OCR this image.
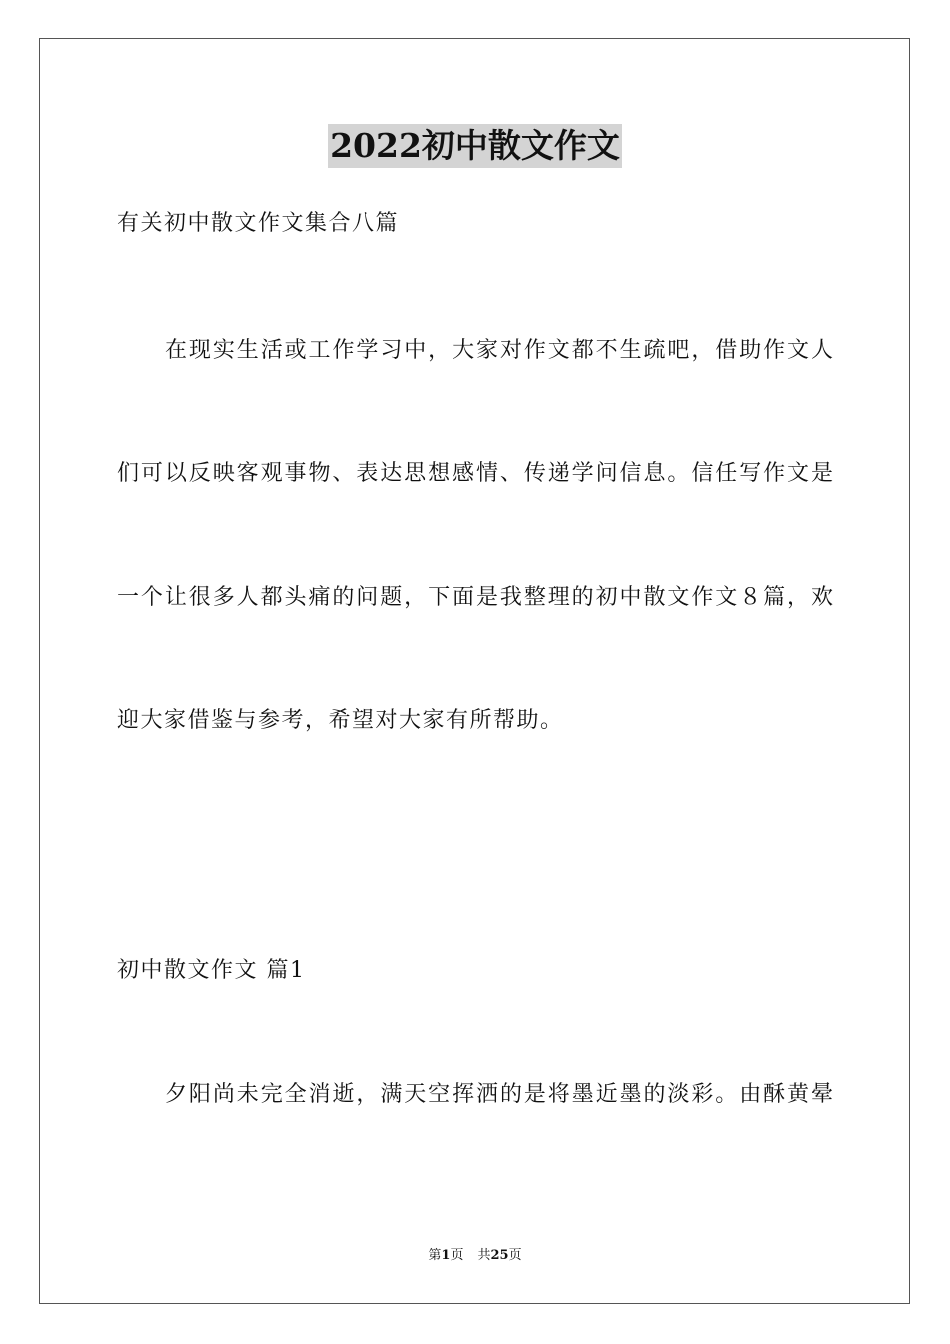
2022初中散文作文
有关初中散文作文集合八篇
在现实生活或工作学习中，大家对作文都不生疏吧，借助作文人
们可以反映客观事物、表达思想感情、传递学问信息。信任写作文是
一个让很多人都头痛的问题，下面是我整理的初中散文作文８篇，欢
迎大家借鉴与参考，希望对大家有所帮助。
初中散文作文 篇1
夕阳尚未完全消逝，满天空挥洒的是将墨近墨的淡彩。由酥黄晕
第1页 共25页
